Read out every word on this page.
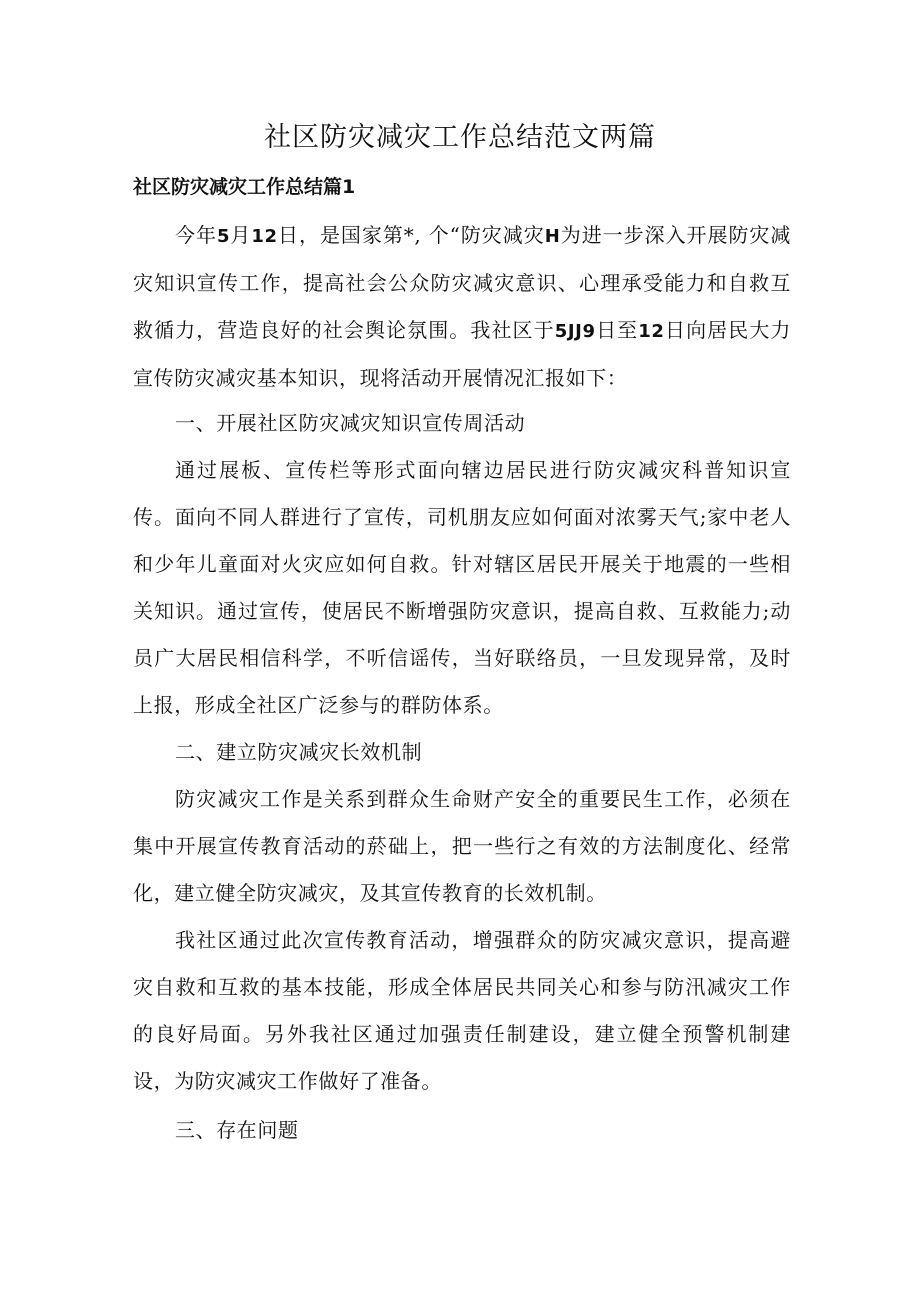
社区防灾减灾工作总结范文两篇
社区防灾减灾工作总结篇1
今年5月12日，是国家第*, 个“防灾减灾H为进一步深入开展防灾减灾知识宣传工作，提高社会公众防灾减灾意识、心理承受能力和自救互救循力，营造良好的社会舆论氛围。我社区于5JJ9日至12日向居民大力宣传防灾减灾基本知识，现将活动开展情况汇报如下：
一、开展社区防灾减灾知识宣传周活动
通过展板、宣传栏等形式面向辖边居民进行防灾减灾科普知识宣传。面向不同人群进行了宣传，司机朋友应如何面对浓雾天气;家中老人和少年儿童面对火灾应如何自救。针对辖区居民开展关于地震的一些相关知识。通过宣传，使居民不断增强防灾意识，提高自救、互救能力;动员广大居民相信科学，不听信谣传，当好联络员，一旦发现异常，及时上报，形成全社区广泛参与的群防体系。
二、建立防灾减灾长效机制
防灾减灾工作是关系到群众生命财产安全的重要民生工作，必须在集中开展宣传教育活动的菸础上，把一些行之有效的方法制度化、经常化，建立健全防灾减灾，及其宣传教育的长效机制。
我社区通过此次宣传教育活动，增强群众的防灾减灾意识，提高避灾自救和互救的基本技能，形成全体居民共同关心和参与防汛减灾工作的良好局面。另外我社区通过加强责任制建设，建立健全预警机制建设，为防灾减灾工作做好了准备。
三、存在问题
